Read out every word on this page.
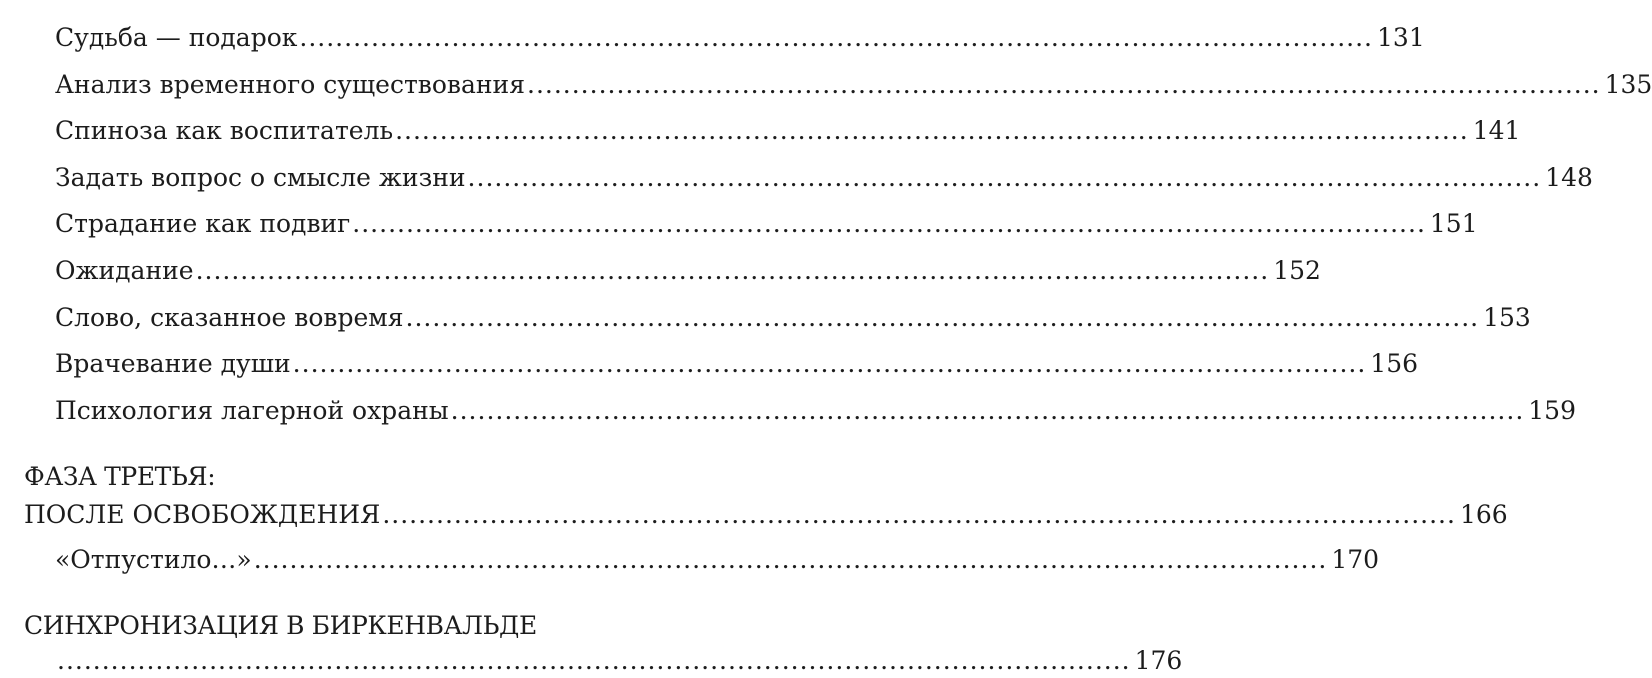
Судьба — подарок ........................................................................................................................ 131
Анализ временного существования ........................................................................................................................ 135
Спиноза как воспитатель ........................................................................................................................ 141
Задать вопрос о смысле жизни ........................................................................................................................ 148
Страдание как подвиг ........................................................................................................................ 151
Ожидание ........................................................................................................................ 152
Слово, сказанное вовремя ........................................................................................................................ 153
Врачевание души ........................................................................................................................ 156
Психология лагерной охраны ........................................................................................................................ 159
ФАЗА ТРЕТЬЯ:
ПОСЛЕ ОСВОБОЖДЕНИЯ ........................................................................................................................ 166
«Отпустило…» ........................................................................................................................ 170
СИНХРОНИЗАЦИЯ В БИРКЕНВАЛЬДЕ
........................................................................................................................ 176
